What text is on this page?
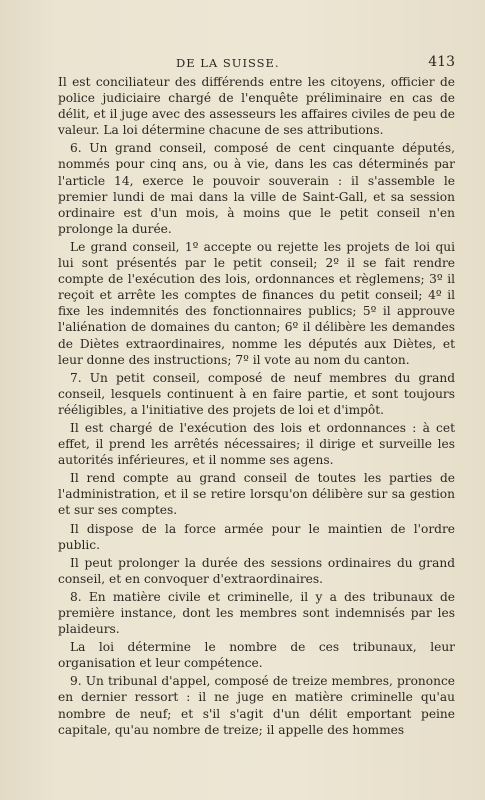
DE LA SUISSE.	413

Il est conciliateur des différends entre les citoyens, officier de police judiciaire chargé de l'enquête préliminaire en cas de délit, et il juge avec des assesseurs les affaires civiles de peu de valeur. La loi détermine chacune de ses attributions.

6. Un grand conseil, composé de cent cinquante députés, nommés pour cinq ans, ou à vie, dans les cas déterminés par l'article 14, exerce le pouvoir souverain : il s'assemble le premier lundi de mai dans la ville de Saint-Gall, et sa session ordinaire est d'un mois, à moins que le petit conseil n'en prolonge la durée.

Le grand conseil, 1º accepte ou rejette les projets de loi qui lui sont présentés par le petit conseil; 2º il se fait rendre compte de l'exécution des lois, ordonnances et règlemens; 3º il reçoit et arrête les comptes de finances du petit conseil; 4º il fixe les indemnités des fonctionnaires publics; 5º il approuve l'aliénation de domaines du canton; 6º il délibère les demandes de Diètes extraordinaires, nomme les députés aux Diètes, et leur donne des instructions; 7º il vote au nom du canton.

7. Un petit conseil, composé de neuf membres du grand conseil, lesquels continuent à en faire partie, et sont toujours rééligibles, a l'initiative des projets de loi et d'impôt.

Il est chargé de l'exécution des lois et ordonnances : à cet effet, il prend les arrêtés nécessaires; il dirige et surveille les autorités inférieures, et il nomme ses agens.

Il rend compte au grand conseil de toutes les parties de l'administration, et il se retire lorsqu'on délibère sur sa gestion et sur ses comptes.

Il dispose de la force armée pour le maintien de l'ordre public.

Il peut prolonger la durée des sessions ordinaires du grand conseil, et en convoquer d'extraordinaires.

8. En matière civile et criminelle, il y a des tribunaux de première instance, dont les membres sont indemnisés par les plaideurs.

La loi détermine le nombre de ces tribunaux, leur organisation et leur compétence.

9. Un tribunal d'appel, composé de treize membres, prononce en dernier ressort : il ne juge en matière criminelle qu'au nombre de neuf; et s'il s'agit d'un délit emportant peine capitale, qu'au nombre de treize; il appelle des hommes
